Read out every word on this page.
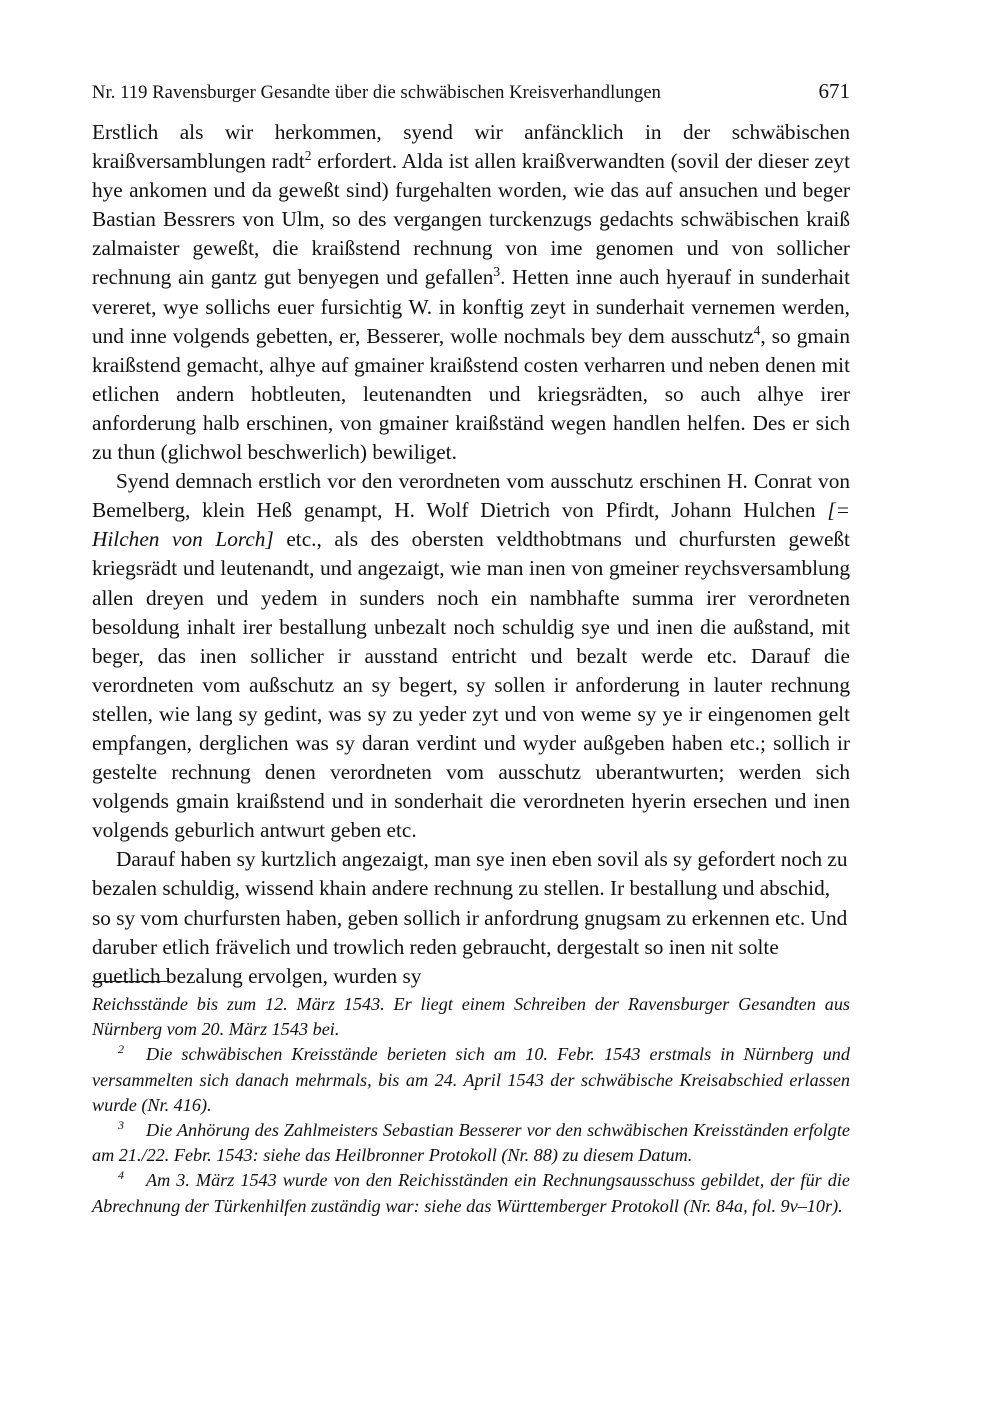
Nr. 119 Ravensburger Gesandte über die schwäbischen Kreisverhandlungen	671

Erstlich als wir herkommen, syend wir anfäncklich in der schwäbischen kraißversamblungen radt$^2$ erfordert. Alda ist allen kraißverwandten (sovil der dieser zeyt hye ankomen und da geweßt sind) furgehalten worden, wie das auf ansuchen und beger Bastian Bessrers von Ulm, so des vergangen turckenzugs gedachts schwäbischen kraiß zalmaister geweßt, die kraißstend rechnung von ime genomen und von sollicher rechnung ain gantz gut benyegen und gefallen$^3$. Hetten inne auch hyerauf in sunderhait vereret, wye sollichs euer fursichtig W. in konftig zeyt in sunderhait vernemen werden, und inne volgends gebetten, er, Besserer, wolle nochmals bey dem ausschutz$^4$, so gmain kraißstend gemacht, alhye auf gmainer kraißstend costen verharren und neben denen mit etlichen andern hobtleuten, leutenandten und kriegsrädten, so auch alhye irer anforderung halb erschinen, von gmainer kraißständ wegen handlen helfen. Des er sich zu thun (glichwol beschwerlich) bewiliget.

Syend demnach erstlich vor den verordneten vom ausschutz erschinen H. Conrat von Bemelberg, klein Heß genampt, H. Wolf Dietrich von Pfirdt, Johann Hulchen [= Hilchen von Lorch] etc., als des obersten veldthobtmans und churfursten geweßt kriegsrädt und leutenandt, und angezaigt, wie man inen von gmeiner reychsversamblung allen dreyen und yedem in sunders noch ein nambhafte summa irer verordneten besoldung inhalt irer bestallung unbezalt noch schuldig sye und inen die außstand, mit beger, das inen sollicher ir ausstand entricht und bezalt werde etc. Darauf die verordneten vom außschutz an sy begert, sy sollen ir anforderung in lauter rechnung stellen, wie lang sy gedint, was sy zu yeder zyt und von weme sy ye ir eingenomen gelt empfangen, derglichen was sy daran verdint und wyder außgeben haben etc.; sollich ir gestelte rechnung denen verordneten vom ausschutz uberantwurten; werden sich volgends gmain kraißstend und in sonderhait die verordneten hyerin ersechen und inen volgends geburlich antwurt geben etc.

Darauf haben sy kurtzlich angezaigt, man sye inen eben sovil als sy gefordert noch zu bezalen schuldig, wissend khain andere rechnung zu stellen. Ir bestallung und abschid, so sy vom churfursten haben, geben sollich ir anfordrung gnugsam zu erkennen etc. Und daruber etlich frävelich und trowlich reden gebraucht, dergestalt so inen nit solte guetlich bezalung ervolgen, wurden sy

Reichsstände bis zum 12. März 1543. Er liegt einem Schreiben der Ravensburger Gesandten aus Nürnberg vom 20. März 1543 bei.

$^2$ Die schwäbischen Kreisstände berieten sich am 10. Febr. 1543 erstmals in Nürnberg und versammelten sich danach mehrmals, bis am 24. April 1543 der schwäbische Kreisabschied erlassen wurde (Nr. 416).

$^3$ Die Anhörung des Zahlmeisters Sebastian Besserer vor den schwäbischen Kreisständen erfolgte am 21./22. Febr. 1543: siehe das Heilbronner Protokoll (Nr. 88) zu diesem Datum.

$^4$ Am 3. März 1543 wurde von den Reichisständen ein Rechnungsausschuss gebildet, der für die Abrechnung der Türkenhilfen zuständig war: siehe das Württemberger Protokoll (Nr. 84a, fol. 9v–10r).
